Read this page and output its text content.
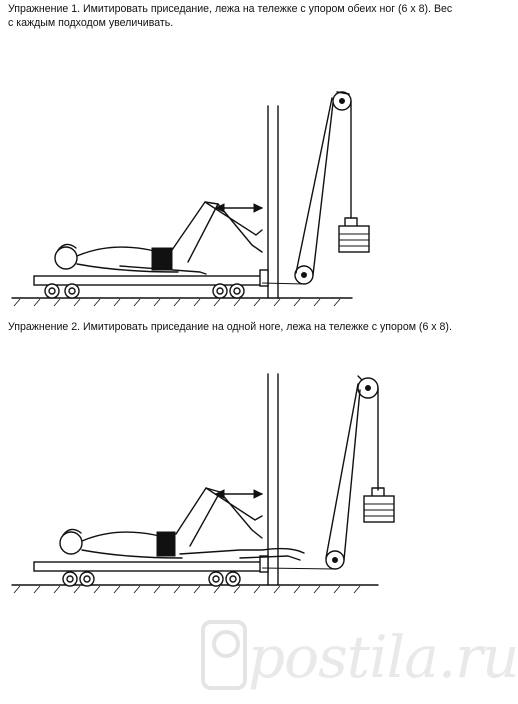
Упражнение 1. Имитировать приседание, лежа на тележке с упором обеих ног (6 х 8). Вес с каждым подходом увеличивать.
Упражнение 2. Имитировать приседание на одной ноге, лежа на тележке с упором (6 х 8).
postila.ru
